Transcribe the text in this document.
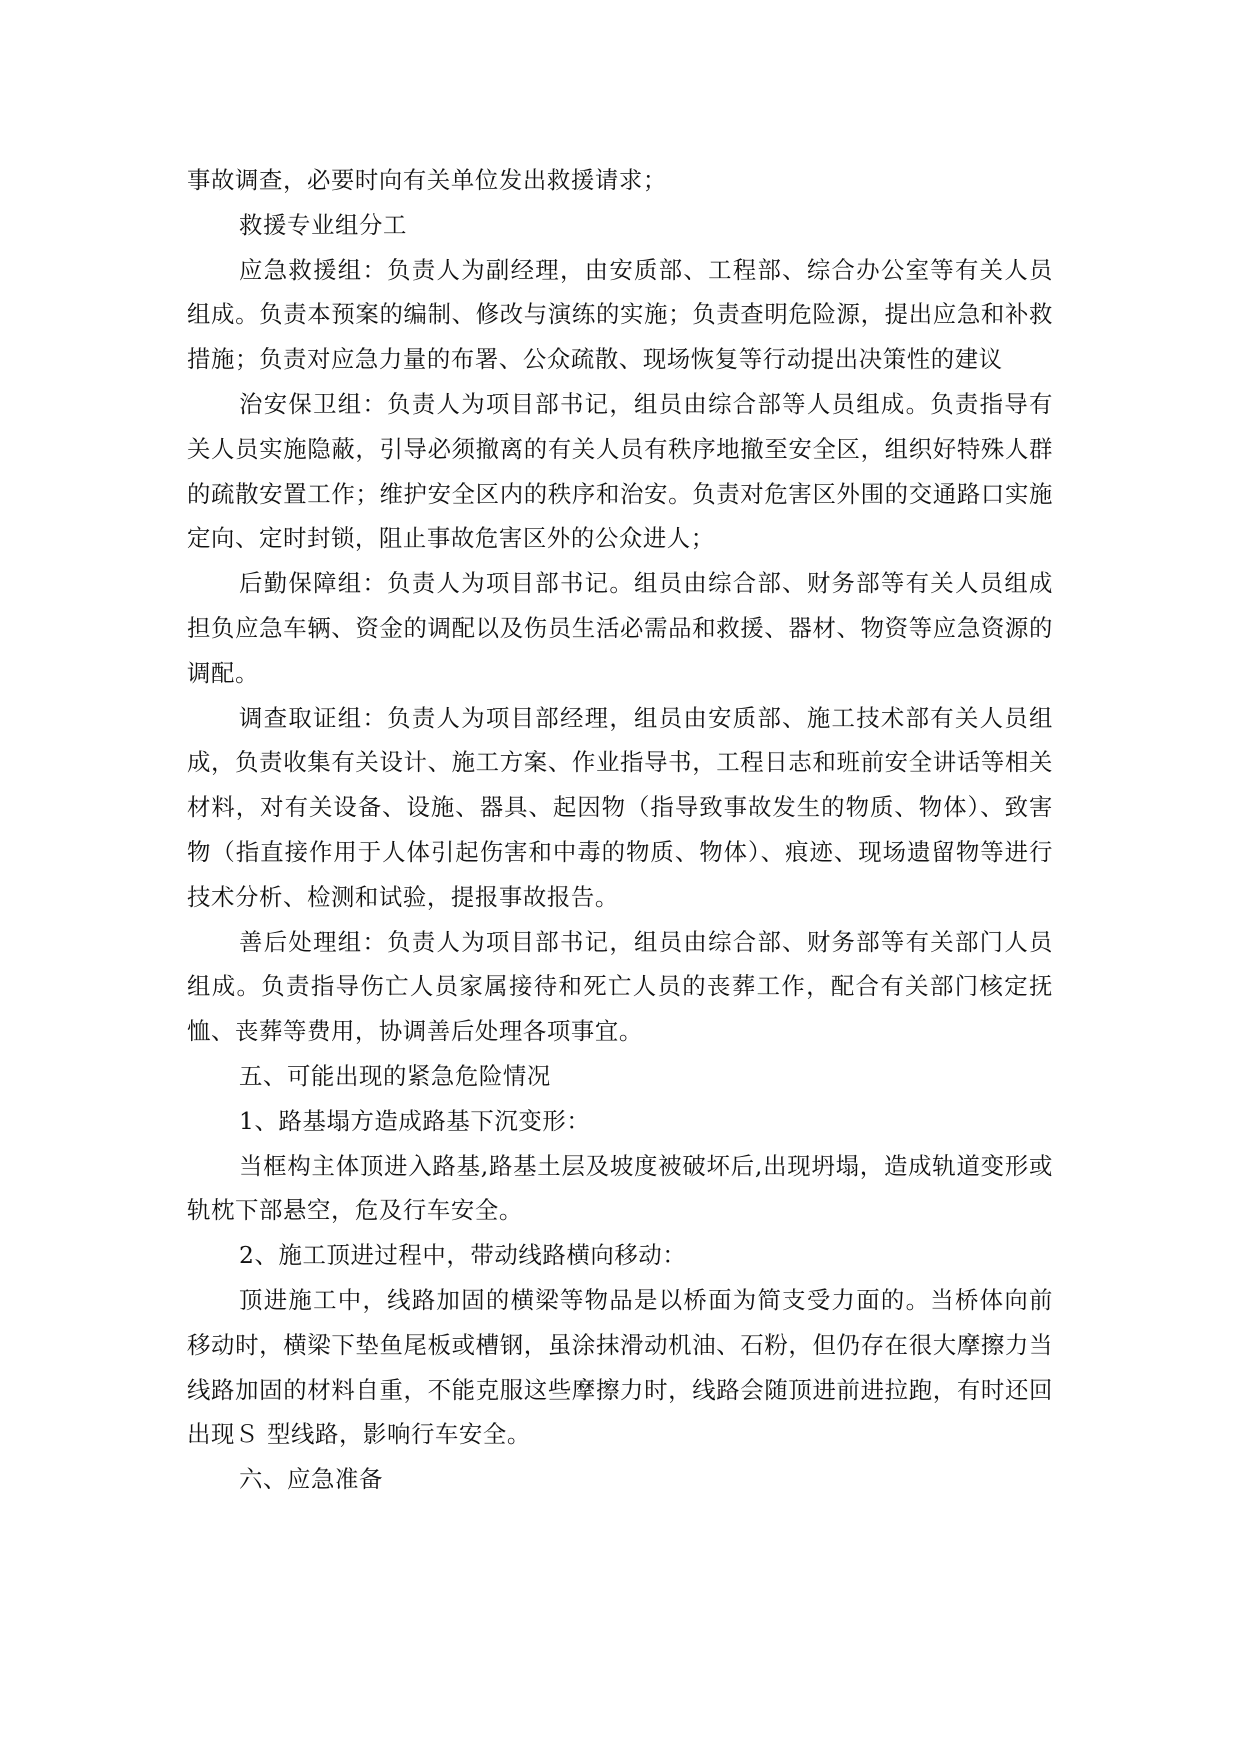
事故调查，必要时向有关单位发出救援请求；

救援专业组分工

应急救援组：负责人为副经理，由安质部、工程部、综合办公室等有关人员组成。负责本预案的编制、修改与演练的实施；负责查明危险源，提出应急和补救措施；负责对应急力量的布署、公众疏散、现场恢复等行动提出决策性的建议

治安保卫组：负责人为项目部书记，组员由综合部等人员组成。负责指导有关人员实施隐蔽，引导必须撤离的有关人员有秩序地撤至安全区，组织好特殊人群的疏散安置工作；维护安全区内的秩序和治安。负责对危害区外围的交通路口实施定向、定时封锁，阻止事故危害区外的公众进人；

后勤保障组：负责人为项目部书记。组员由综合部、财务部等有关人员组成担负应急车辆、资金的调配以及伤员生活必需品和救援、器材、物资等应急资源的调配。

调查取证组：负责人为项目部经理，组员由安质部、施工技术部有关人员组成，负责收集有关设计、施工方案、作业指导书，工程日志和班前安全讲话等相关材料，对有关设备、设施、器具、起因物（指导致事故发生的物质、物体）、致害物（指直接作用于人体引起伤害和中毒的物质、物体）、痕迹、现场遗留物等进行技术分析、检测和试验，提报事故报告。

善后处理组：负责人为项目部书记，组员由综合部、财务部等有关部门人员组成。负责指导伤亡人员家属接待和死亡人员的丧葬工作，配合有关部门核定抚恤、丧葬等费用，协调善后处理各项事宜。

五、可能出现的紧急危险情况

1、路基塌方造成路基下沉变形：

当框构主体顶进入路基,路基土层及坡度被破坏后,出现坍塌，造成轨道变形或轨枕下部悬空，危及行车安全。

2、施工顶进过程中，带动线路横向移动：

顶进施工中，线路加固的横梁等物品是以桥面为简支受力面的。当桥体向前移动时，横梁下垫鱼尾板或槽钢，虽涂抹滑动机油、石粉，但仍存在很大摩擦力当线路加固的材料自重，不能克服这些摩擦力时，线路会随顶进前进拉跑，有时还回出现Ｓ 型线路，影响行车安全。

六、应急准备
